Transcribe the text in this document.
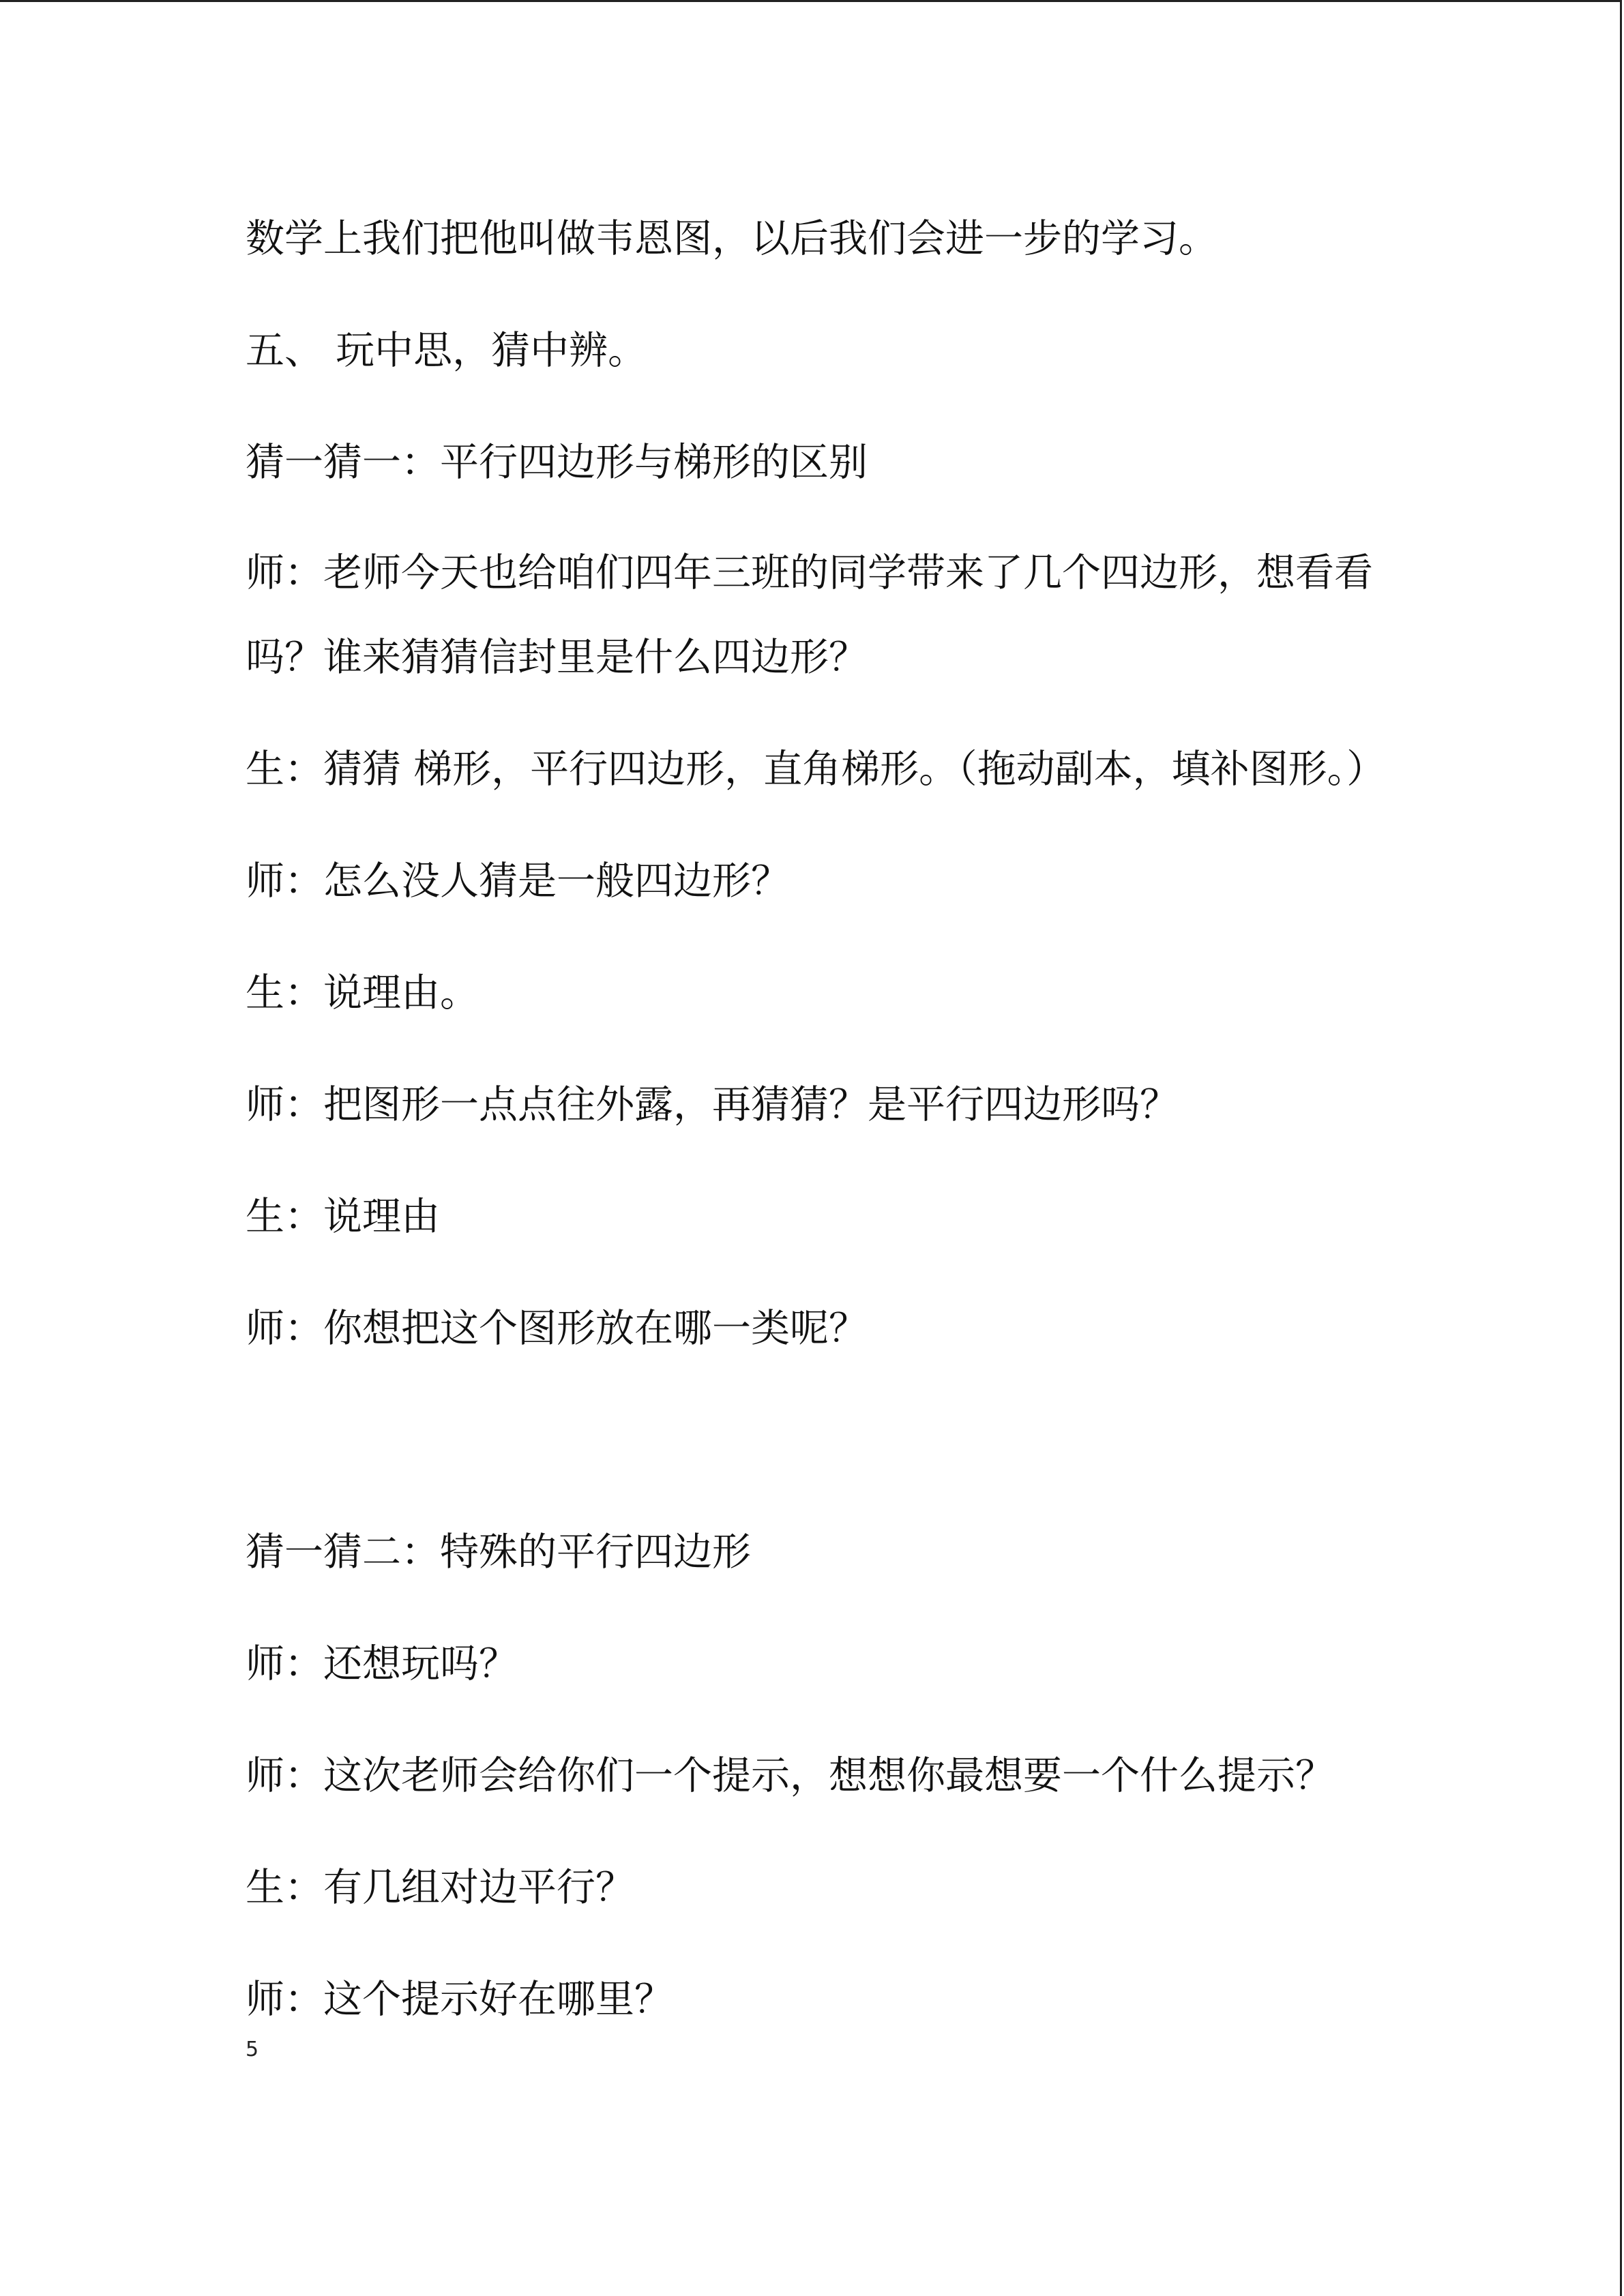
数学上我们把他叫做韦恩图，以后我们会进一步的学习。
五、 玩中思，猜中辨。
猜一猜一：平行四边形与梯形的区别
师：老师今天也给咱们四年三班的同学带来了几个四边形，想看看
吗？谁来猜猜信封里是什么四边形？
生：猜猜 梯形，平行四边形，直角梯形。（拖动副本，填补图形。）
师：怎么没人猜是一般四边形？
生：说理由。
师：把图形一点点往外露，再猜猜？是平行四边形吗？
生：说理由
师：你想把这个图形放在哪一类呢？
猜一猜二：特殊的平行四边形
师：还想玩吗？
师：这次老师会给你们一个提示，想想你最想要一个什么提示？
生：有几组对边平行？
师：这个提示好在哪里？
5
